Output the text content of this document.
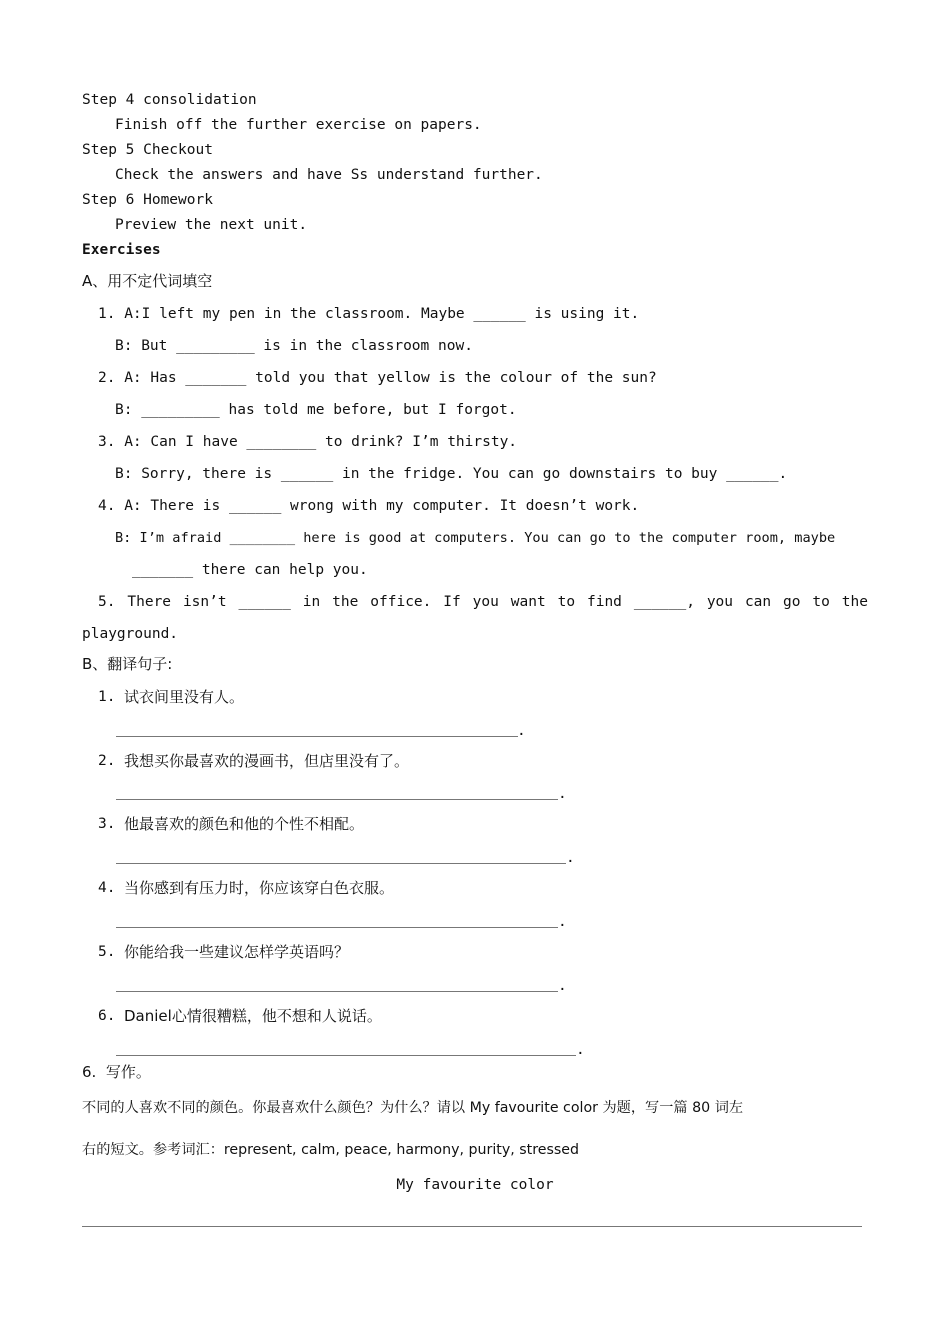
Step 4 consolidation
Finish off the further exercise on papers.
Step 5 Checkout
Check the answers and have Ss understand further.
Step 6 Homework
Preview the next unit.
Exercises
A、用不定代词填空
1. A:I left my pen in the classroom. Maybe ______ is using it.
B: But _________ is in the classroom now.
2. A: Has _______ told you that yellow is the colour of the sun?
B: _________ has told me before, but I forgot.
3. A: Can I have ________ to drink? I’m thirsty.
B: Sorry, there is ______ in the fridge. You can go downstairs to buy ______.
4. A: There is ______ wrong with my computer. It doesn’t work.
B: I’m afraid ________ here is good at computers. You can go to the computer room, maybe
_______ there can help you.
5. There isn’t ______ in the office. If you want to find ______, you can go to the
playground.
B、翻译句子:
1. 试衣间里没有人。
.
2. 我想买你最喜欢的漫画书，但店里没有了。
.
3. 他最喜欢的颜色和他的个性不相配。
.
4. 当你感到有压力时，你应该穿白色衣服。
.
5. 你能给我一些建议怎样学英语吗？
.
6. Daniel心情很糟糕，他不想和人说话。
.
6.  写作。
不同的人喜欢不同的颜色。你最喜欢什么颜色？为什么？请以 My favourite color 为题，写一篇 80 词左
右的短文。参考词汇：represent, calm, peace, harmony, purity, stressed
My favourite color
